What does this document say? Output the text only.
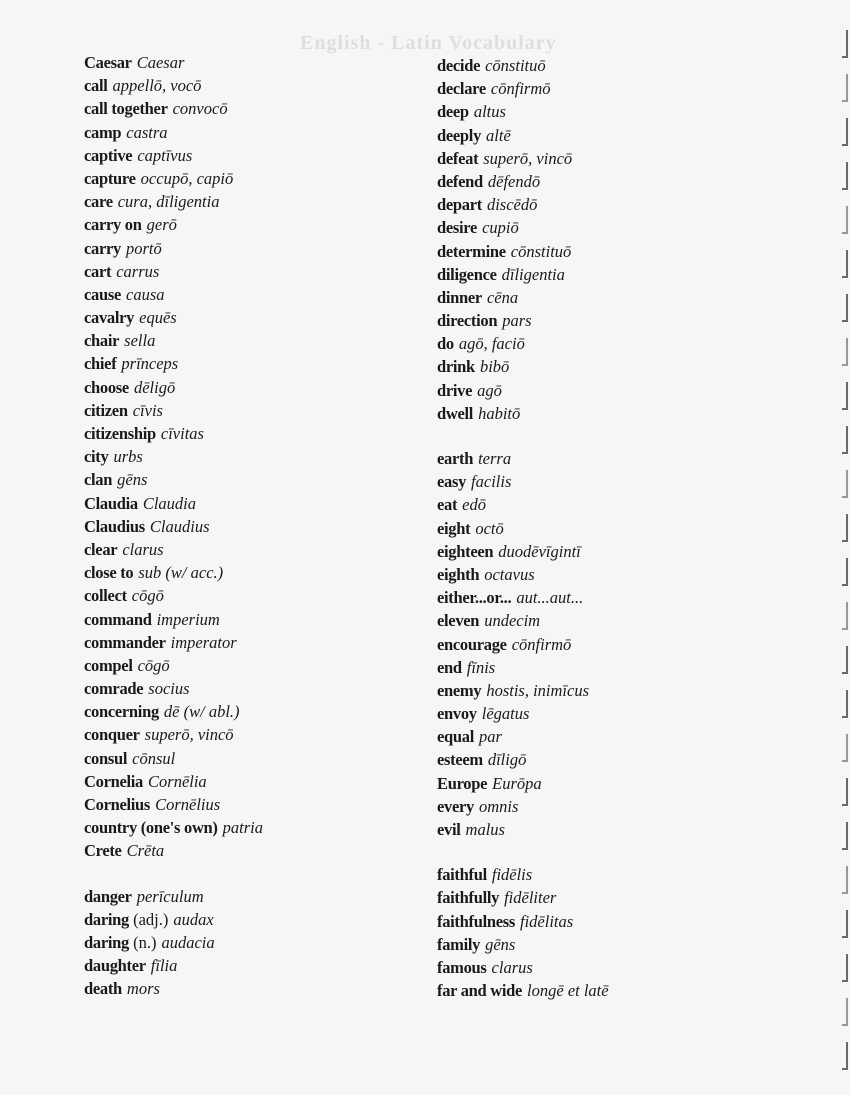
English - Latin Vocabulary
Caesar Caesar
call appellō, vocō
call together convocō
camp castra
captive captīvus
capture occupō, capiō
care cura, dīligentia
carry on gerō
carry portō
cart carrus
cause causa
cavalry equēs
chair sella
chief prīnceps
choose dēligō
citizen cīvis
citizenship cīvitas
city urbs
clan gēns
Claudia Claudia
Claudius Claudius
clear clarus
close to sub (w/ acc.)
collect cōgō
command imperium
commander imperator
compel cōgō
comrade socius
concerning dē (w/ abl.)
conquer superō, vincō
consul cōnsul
Cornelia Cornēlia
Cornelius Cornēlius
country (one's own) patria
Crete Crēta
danger perīculum
daring (adj.) audax
daring (n.) audacia
daughter fīlia
death mors
decide cōnstituō
declare cōnfirmō
deep altus
deeply altē
defeat superō, vincō
defend dēfendō
depart discēdō
desire cupiō
determine cōnstituō
diligence dīligentia
dinner cēna
direction pars
do agō, faciō
drink bibō
drive agō
dwell habitō
earth terra
easy facilis
eat edō
eight octō
eighteen duodēvīgintī
eighth octavus
either...or... aut...aut...
eleven undecim
encourage cōnfirmō
end fīnis
enemy hostis, inimīcus
envoy lēgatus
equal par
esteem dīligō
Europe Eurōpa
every omnis
evil malus
faithful fidēlis
faithfully fidēliter
faithfulness fidēlitas
family gēns
famous clarus
far and wide longē et latē
